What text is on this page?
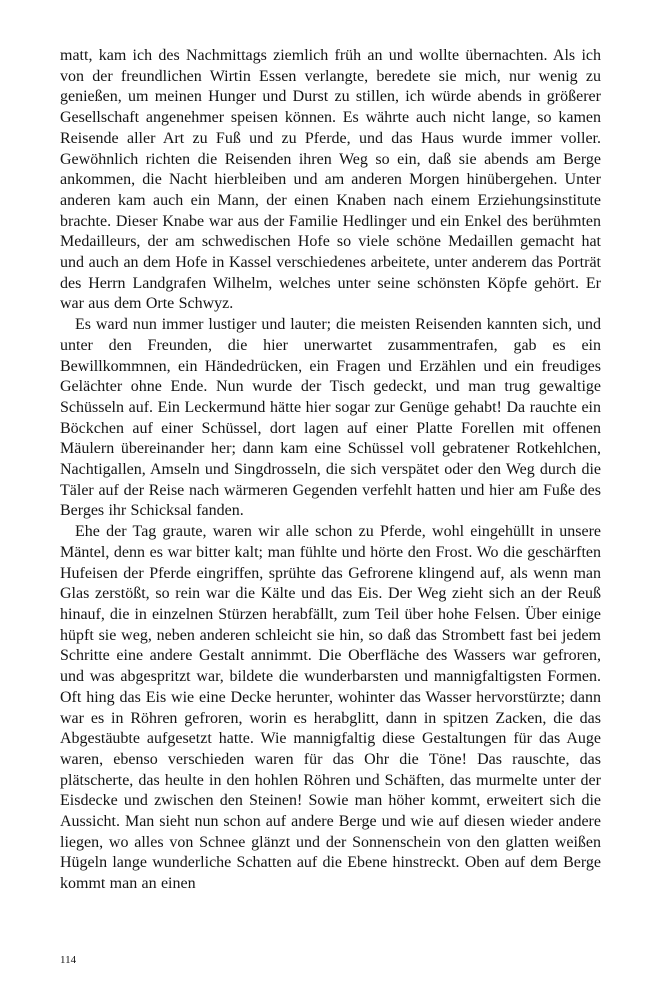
matt, kam ich des Nachmittags ziemlich früh an und wollte übernachten. Als ich von der freundlichen Wirtin Essen verlangte, beredete sie mich, nur wenig zu genießen, um meinen Hunger und Durst zu stillen, ich würde abends in größerer Gesellschaft angenehmer speisen können. Es währte auch nicht lange, so kamen Reisende aller Art zu Fuß und zu Pferde, und das Haus wurde immer voller. Gewöhnlich richten die Reisenden ihren Weg so ein, daß sie abends am Berge ankommen, die Nacht hierbleiben und am anderen Morgen hinübergehen. Unter anderen kam auch ein Mann, der einen Knaben nach einem Erziehungsinstitute brachte. Dieser Knabe war aus der Familie Hedlinger und ein Enkel des berühmten Medailleurs, der am schwedischen Hofe so viele schöne Medaillen gemacht hat und auch an dem Hofe in Kassel verschiedenes arbeitete, unter anderem das Porträt des Herrn Landgrafen Wilhelm, welches unter seine schönsten Köpfe gehört. Er war aus dem Orte Schwyz.

Es ward nun immer lustiger und lauter; die meisten Reisenden kannten sich, und unter den Freunden, die hier unerwartet zusammentrafen, gab es ein Bewillkommnen, ein Händedrücken, ein Fragen und Erzählen und ein freudiges Gelächter ohne Ende. Nun wurde der Tisch gedeckt, und man trug gewaltige Schüsseln auf. Ein Leckermund hätte hier sogar zur Genüge gehabt! Da rauchte ein Böckchen auf einer Schüssel, dort lagen auf einer Platte Forellen mit offenen Mäulern übereinander her; dann kam eine Schüssel voll gebratener Rotkehlchen, Nachtigallen, Amseln und Singdrosseln, die sich verspätet oder den Weg durch die Täler auf der Reise nach wärmeren Gegenden verfehlt hatten und hier am Fuße des Berges ihr Schicksal fanden.

Ehe der Tag graute, waren wir alle schon zu Pferde, wohl eingehüllt in unsere Mäntel, denn es war bitter kalt; man fühlte und hörte den Frost. Wo die geschärften Hufeisen der Pferde eingriffen, sprühte das Gefrorene klingend auf, als wenn man Glas zerstößt, so rein war die Kälte und das Eis. Der Weg zieht sich an der Reuß hinauf, die in einzelnen Stürzen herabfällt, zum Teil über hohe Felsen. Über einige hüpft sie weg, neben anderen schleicht sie hin, so daß das Strombett fast bei jedem Schritte eine andere Gestalt annimmt. Die Oberfläche des Wassers war gefroren, und was abgespritzt war, bildete die wunderbarsten und mannigfaltigsten Formen. Oft hing das Eis wie eine Decke herunter, wohinter das Wasser hervorstürzte; dann war es in Röhren gefroren, worin es herabglitt, dann in spitzen Zacken, die das Abgestäubte aufgesetzt hatte. Wie mannigfaltig diese Gestaltungen für das Auge waren, ebenso verschieden waren für das Ohr die Töne! Das rauschte, das plätscherte, das heulte in den hohlen Röhren und Schäften, das murmelte unter der Eisdecke und zwischen den Steinen! Sowie man höher kommt, erweitert sich die Aussicht. Man sieht nun schon auf andere Berge und wie auf diesen wieder andere liegen, wo alles von Schnee glänzt und der Sonnenschein von den glatten weißen Hügeln lange wunderliche Schatten auf die Ebene hinstreckt. Oben auf dem Berge kommt man an einen

114
